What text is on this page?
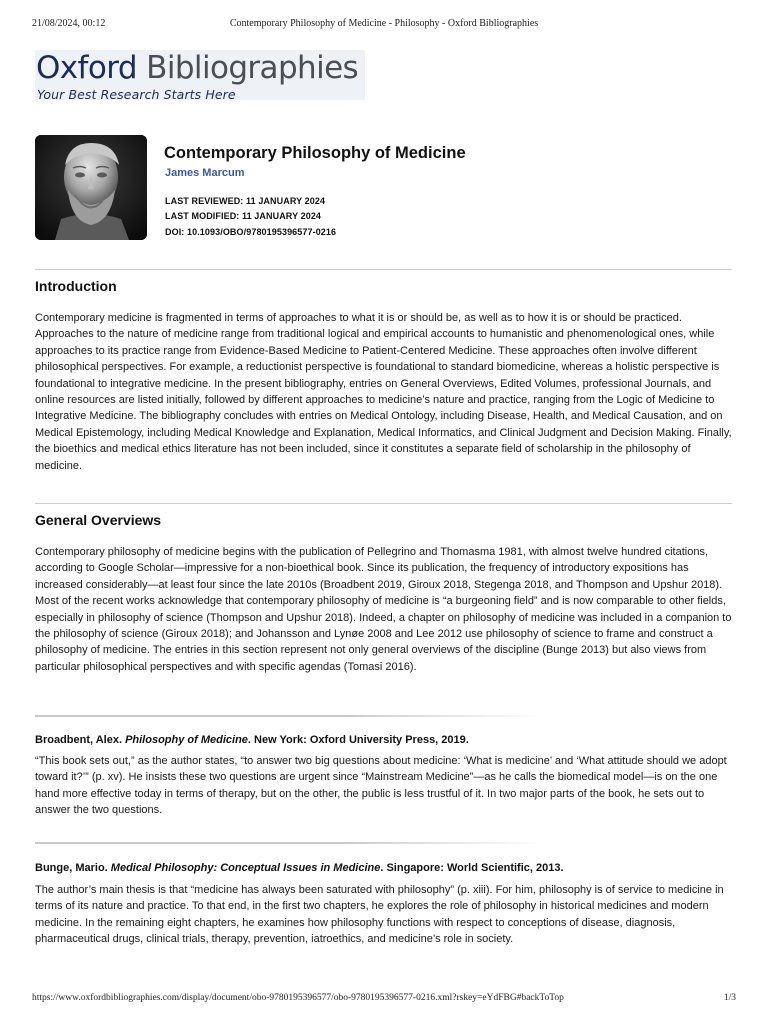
21/08/2024, 00:12	Contemporary Philosophy of Medicine - Philosophy - Oxford Bibliographies
Oxford Bibliographies
Your Best Research Starts Here
Contemporary Philosophy of Medicine
James Marcum
LAST REVIEWED: 11 JANUARY 2024
LAST MODIFIED: 11 JANUARY 2024
DOI: 10.1093/OBO/9780195396577-0216
Introduction

Contemporary medicine is fragmented in terms of approaches to what it is or should be, as well as to how it is or should be practiced. Approaches to the nature of medicine range from traditional logical and empirical accounts to humanistic and phenomenological ones, while approaches to its practice range from Evidence-Based Medicine to Patient-Centered Medicine. These approaches often involve different philosophical perspectives. For example, a reductionist perspective is foundational to standard biomedicine, whereas a holistic perspective is foundational to integrative medicine. In the present bibliography, entries on General Overviews, Edited Volumes, professional Journals, and online resources are listed initially, followed by different approaches to medicine’s nature and practice, ranging from the Logic of Medicine to Integrative Medicine. The bibliography concludes with entries on Medical Ontology, including Disease, Health, and Medical Causation, and on Medical Epistemology, including Medical Knowledge and Explanation, Medical Informatics, and Clinical Judgment and Decision Making. Finally, the bioethics and medical ethics literature has not been included, since it constitutes a separate field of scholarship in the philosophy of medicine.

General Overviews

Contemporary philosophy of medicine begins with the publication of Pellegrino and Thomasma 1981, with almost twelve hundred citations, according to Google Scholar—impressive for a non-bioethical book. Since its publication, the frequency of introductory expositions has increased considerably—at least four since the late 2010s (Broadbent 2019, Giroux 2018, Stegenga 2018, and Thompson and Upshur 2018). Most of the recent works acknowledge that contemporary philosophy of medicine is “a burgeoning field” and is now comparable to other fields, especially in philosophy of science (Thompson and Upshur 2018). Indeed, a chapter on philosophy of medicine was included in a companion to the philosophy of science (Giroux 2018); and Johansson and Lynøe 2008 and Lee 2012 use philosophy of science to frame and construct a philosophy of medicine. The entries in this section represent not only general overviews of the discipline (Bunge 2013) but also views from particular philosophical perspectives and with specific agendas (Tomasi 2016).

Broadbent, Alex. Philosophy of Medicine. New York: Oxford University Press, 2019.

“This book sets out,” as the author states, “to answer two big questions about medicine: ‘What is medicine’ and ‘What attitude should we adopt toward it?’” (p. xv). He insists these two questions are urgent since “Mainstream Medicine”—as he calls the biomedical model—is on the one hand more effective today in terms of therapy, but on the other, the public is less trustful of it. In two major parts of the book, he sets out to answer the two questions.

Bunge, Mario. Medical Philosophy: Conceptual Issues in Medicine. Singapore: World Scientific, 2013.

The author’s main thesis is that “medicine has always been saturated with philosophy” (p. xiii). For him, philosophy is of service to medicine in terms of its nature and practice. To that end, in the first two chapters, he explores the role of philosophy in historical medicines and modern medicine. In the remaining eight chapters, he examines how philosophy functions with respect to conceptions of disease, diagnosis, pharmaceutical drugs, clinical trials, therapy, prevention, iatroethics, and medicine’s role in society.

https://www.oxfordbibliographies.com/display/document/obo-9780195396577/obo-9780195396577-0216.xml?rskey=eYdFBG#backToTop	1/3
